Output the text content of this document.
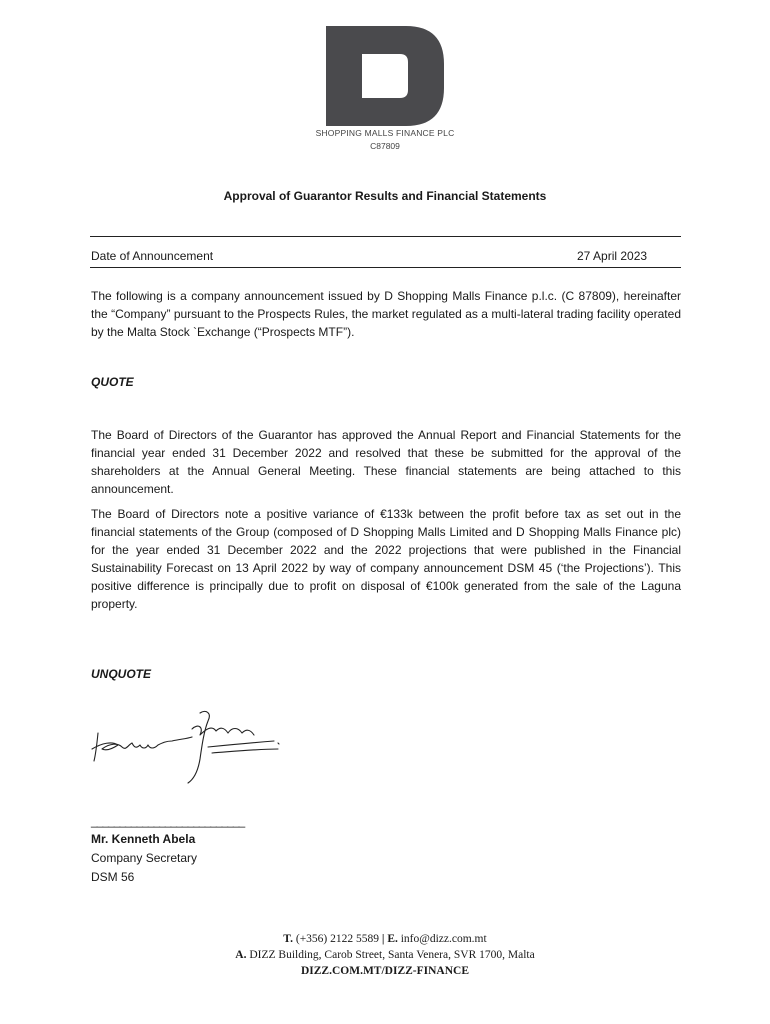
SHOPPING MALLS FINANCE PLC
C87809
Approval of Guarantor Results and Financial Statements
Date of Announcement	27 April 2023
The following is a company announcement issued by D Shopping Malls Finance p.l.c. (C 87809), hereinafter the “Company” pursuant to the Prospects Rules, the market regulated as a multi-lateral trading facility operated by the Malta Stock `Exchange (“Prospects MTF”).
QUOTE
The Board of Directors of the Guarantor has approved the Annual Report and Financial Statements for the financial year ended 31 December 2022 and resolved that these be submitted for the approval of the shareholders at the Annual General Meeting. These financial statements are being attached to this announcement.
The Board of Directors note a positive variance of €133k between the profit before tax as set out in the financial statements of the Group (composed of D Shopping Malls Limited and D Shopping Malls Finance plc) for the year ended 31 December 2022 and the 2022 projections that were published in the Financial Sustainability Forecast on 13 April 2022 by way of company announcement DSM 45 (‘the Projections’). This positive difference is principally due to profit on disposal of €100k generated from the sale of the Laguna property.
UNQUOTE
___________________________
Mr. Kenneth Abela
Company Secretary
DSM 56
T. (+356) 2122 5589 | E. info@dizz.com.mt
A. DIZZ Building, Carob Street, Santa Venera, SVR 1700, Malta
DIZZ.COM.MT/DIZZ-FINANCE
